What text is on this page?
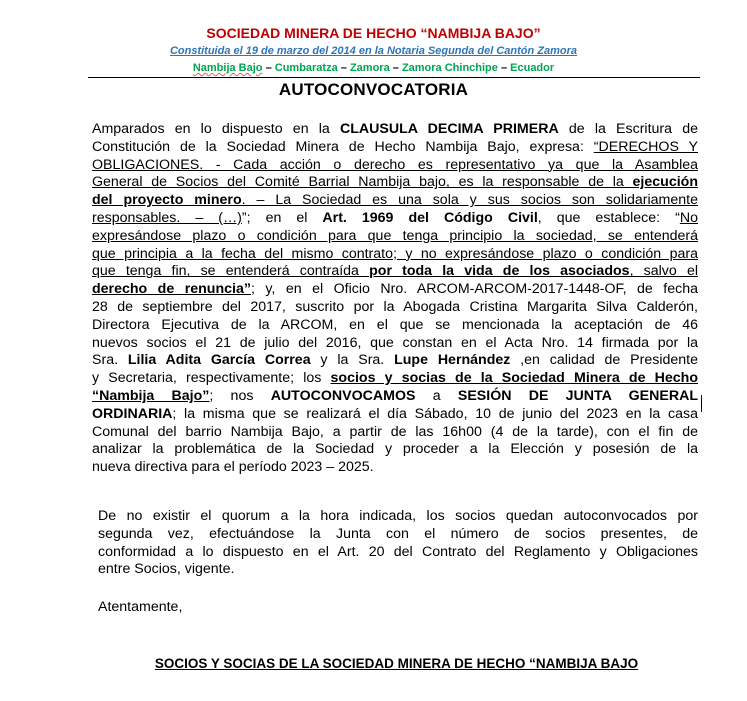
SOCIEDAD MINERA DE HECHO “NAMBIJA BAJO”
Constituida el 19 de marzo del 2014 en la Notaria Segunda del Cantón Zamora
Nambija Bajo – Cumbaratza – Zamora – Zamora Chinchipe – Ecuador
AUTOCONVOCATORIA
Amparados en lo dispuesto en la CLAUSULA DECIMA PRIMERA de la Escritura de
Constitución de la Sociedad Minera de Hecho Nambija Bajo, expresa: “DERECHOS Y
OBLIGACIONES. - Cada acción o derecho es representativo ya que la Asamblea
General de Socios del Comité Barrial Nambija bajo, es la responsable de la ejecución
del proyecto minero. – La Sociedad es una sola y sus socios son solidariamente
responsables. – (…)”; en el Art. 1969 del Código Civil, que establece: “No
expresándose plazo o condición para que tenga principio la sociedad, se entenderá
que principia a la fecha del mismo contrato; y no expresándose plazo o condición para
que tenga fin, se entenderá contraída por toda la vida de los asociados, salvo el
derecho de renuncia”; y, en el Oficio Nro. ARCOM-ARCOM-2017-1448-OF, de fecha
28 de septiembre del 2017, suscrito por la Abogada Cristina Margarita Silva Calderón,
Directora Ejecutiva de la ARCOM, en el que se mencionada la aceptación de 46
nuevos socios el 21 de julio del 2016, que constan en el Acta Nro. 14 firmada por la
Sra. Lilia Adita García Correa y la Sra. Lupe Hernández ,en calidad de Presidente
y Secretaria, respectivamente; los socios y socias de la Sociedad Minera de Hecho
“Nambija Bajo”; nos AUTOCONVOCAMOS a SESIÓN DE JUNTA GENERAL
ORDINARIA; la misma que se realizará el día Sábado, 10 de junio del 2023 en la casa
Comunal del barrio Nambija Bajo, a partir de las 16h00 (4 de la tarde), con el fin de
analizar la problemática de la Sociedad y proceder a la Elección y posesión de la
nueva directiva para el período 2023 – 2025.
De no existir el quorum a la hora indicada, los socios quedan autoconvocados por
segunda vez, efectuándose la Junta con el número de socios presentes, de
conformidad a lo dispuesto en el Art. 20 del Contrato del Reglamento y Obligaciones
entre Socios, vigente.
Atentamente,
SOCIOS Y SOCIAS DE LA SOCIEDAD MINERA DE HECHO “NAMBIJA BAJO
